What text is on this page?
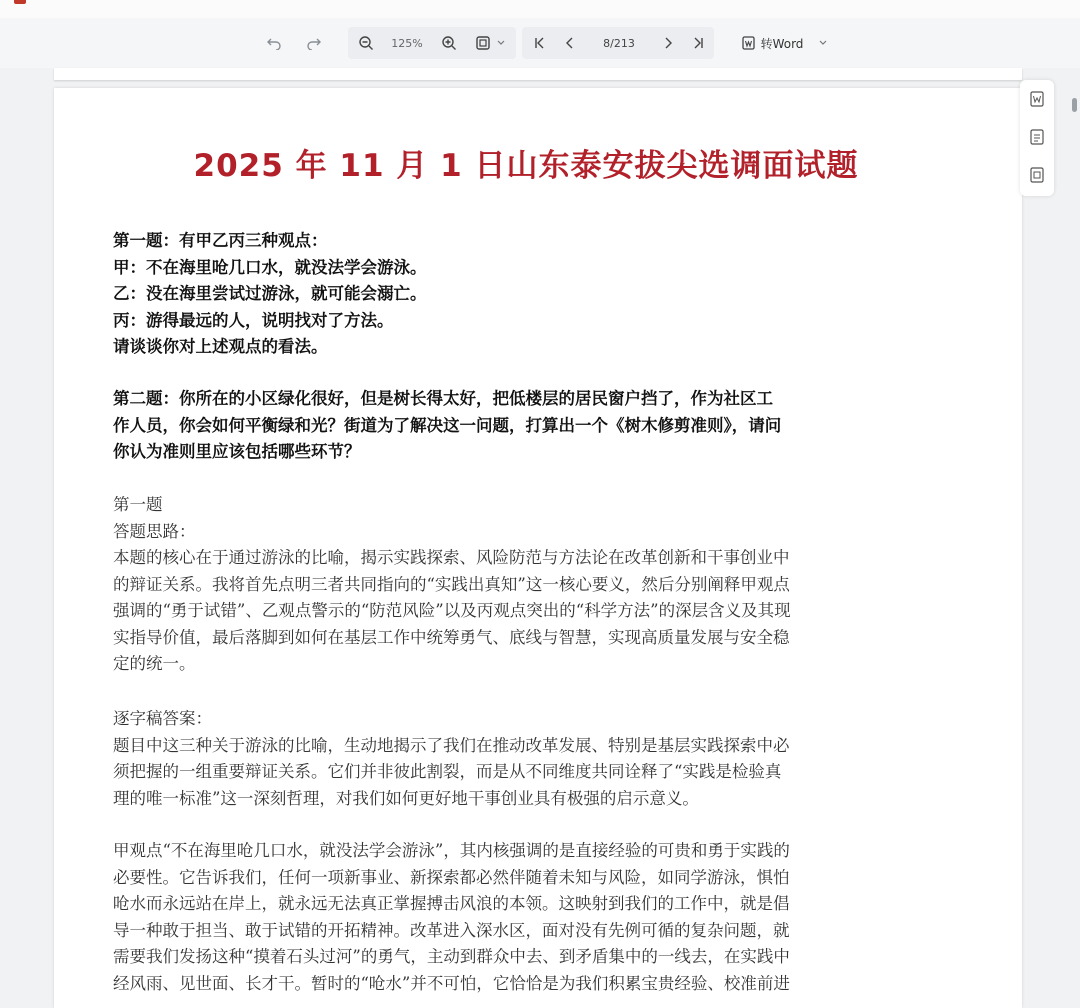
125%	8/213	转Word
2025 年 11 月 1 日山东泰安拔尖选调面试题
第一题：有甲乙丙三种观点：
甲：不在海里呛几口水，就没法学会游泳。
乙：没在海里尝试过游泳，就可能会溺亡。
丙：游得最远的人，说明找对了方法。
请谈谈你对上述观点的看法。
第二题：你所在的小区绿化很好，但是树长得太好，把低楼层的居民窗户挡了，作为社区工
作人员，你会如何平衡绿和光？街道为了解决这一问题，打算出一个《树木修剪准则》，请问
你认为准则里应该包括哪些环节？
第一题
答题思路：
本题的核心在于通过游泳的比喻，揭示实践探索、风险防范与方法论在改革创新和干事创业中
的辩证关系。我将首先点明三者共同指向的“实践出真知”这一核心要义，然后分别阐释甲观点
强调的“勇于试错”、乙观点警示的“防范风险”以及丙观点突出的“科学方法”的深层含义及其现
实指导价值，最后落脚到如何在基层工作中统筹勇气、底线与智慧，实现高质量发展与安全稳
定的统一。
逐字稿答案：
题目中这三种关于游泳的比喻，生动地揭示了我们在推动改革发展、特别是基层实践探索中必
须把握的一组重要辩证关系。它们并非彼此割裂，而是从不同维度共同诠释了“实践是检验真
理的唯一标准”这一深刻哲理，对我们如何更好地干事创业具有极强的启示意义。
甲观点“不在海里呛几口水，就没法学会游泳”，其内核强调的是直接经验的可贵和勇于实践的
必要性。它告诉我们，任何一项新事业、新探索都必然伴随着未知与风险，如同学游泳，惧怕
呛水而永远站在岸上，就永远无法真正掌握搏击风浪的本领。这映射到我们的工作中，就是倡
导一种敢于担当、敢于试错的开拓精神。改革进入深水区，面对没有先例可循的复杂问题，就
需要我们发扬这种“摸着石头过河”的勇气，主动到群众中去、到矛盾集中的一线去，在实践中
经风雨、见世面、长才干。暂时的“呛水”并不可怕，它恰恰是为我们积累宝贵经验、校准前进
